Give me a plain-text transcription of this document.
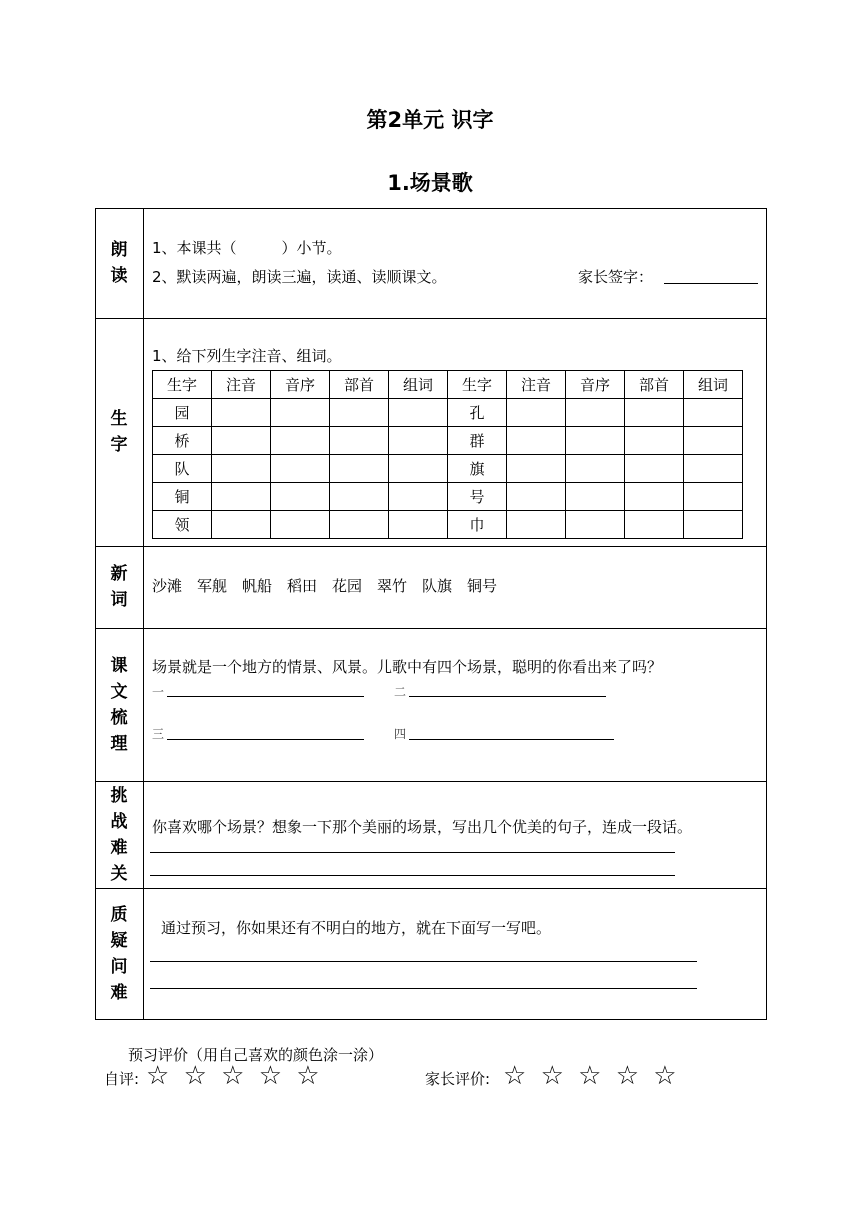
第2单元 识字
1.场景歌
朗
读
1、本课共（　　　）小节。
2、默读两遍，朗读三遍，读通、读顺课文。	家长签字：
生
字
1、给下列生字注音、组词。
生字	注音	音序	部首	组词	生字	注音	音序	部首	组词
园					孔				
桥					群				
队					旗				
铜					号				
领					巾				
新
词
沙滩　军舰　帆船　稻田　花园　翠竹　队旗　铜号
课
文
梳
理
场景就是一个地方的情景、风景。儿歌中有四个场景，聪明的你看出来了吗？
一	二
三	四
挑
战
难
关
你喜欢哪个场景？想象一下那个美丽的场景，写出几个优美的句子，连成一段话。
质
疑
问
难
通过预习，你如果还有不明白的地方，就在下面写一写吧。
预习评价（用自己喜欢的颜色涂一涂）
自评: ☆ ☆ ☆ ☆ ☆	家长评价: ☆ ☆ ☆ ☆ ☆
